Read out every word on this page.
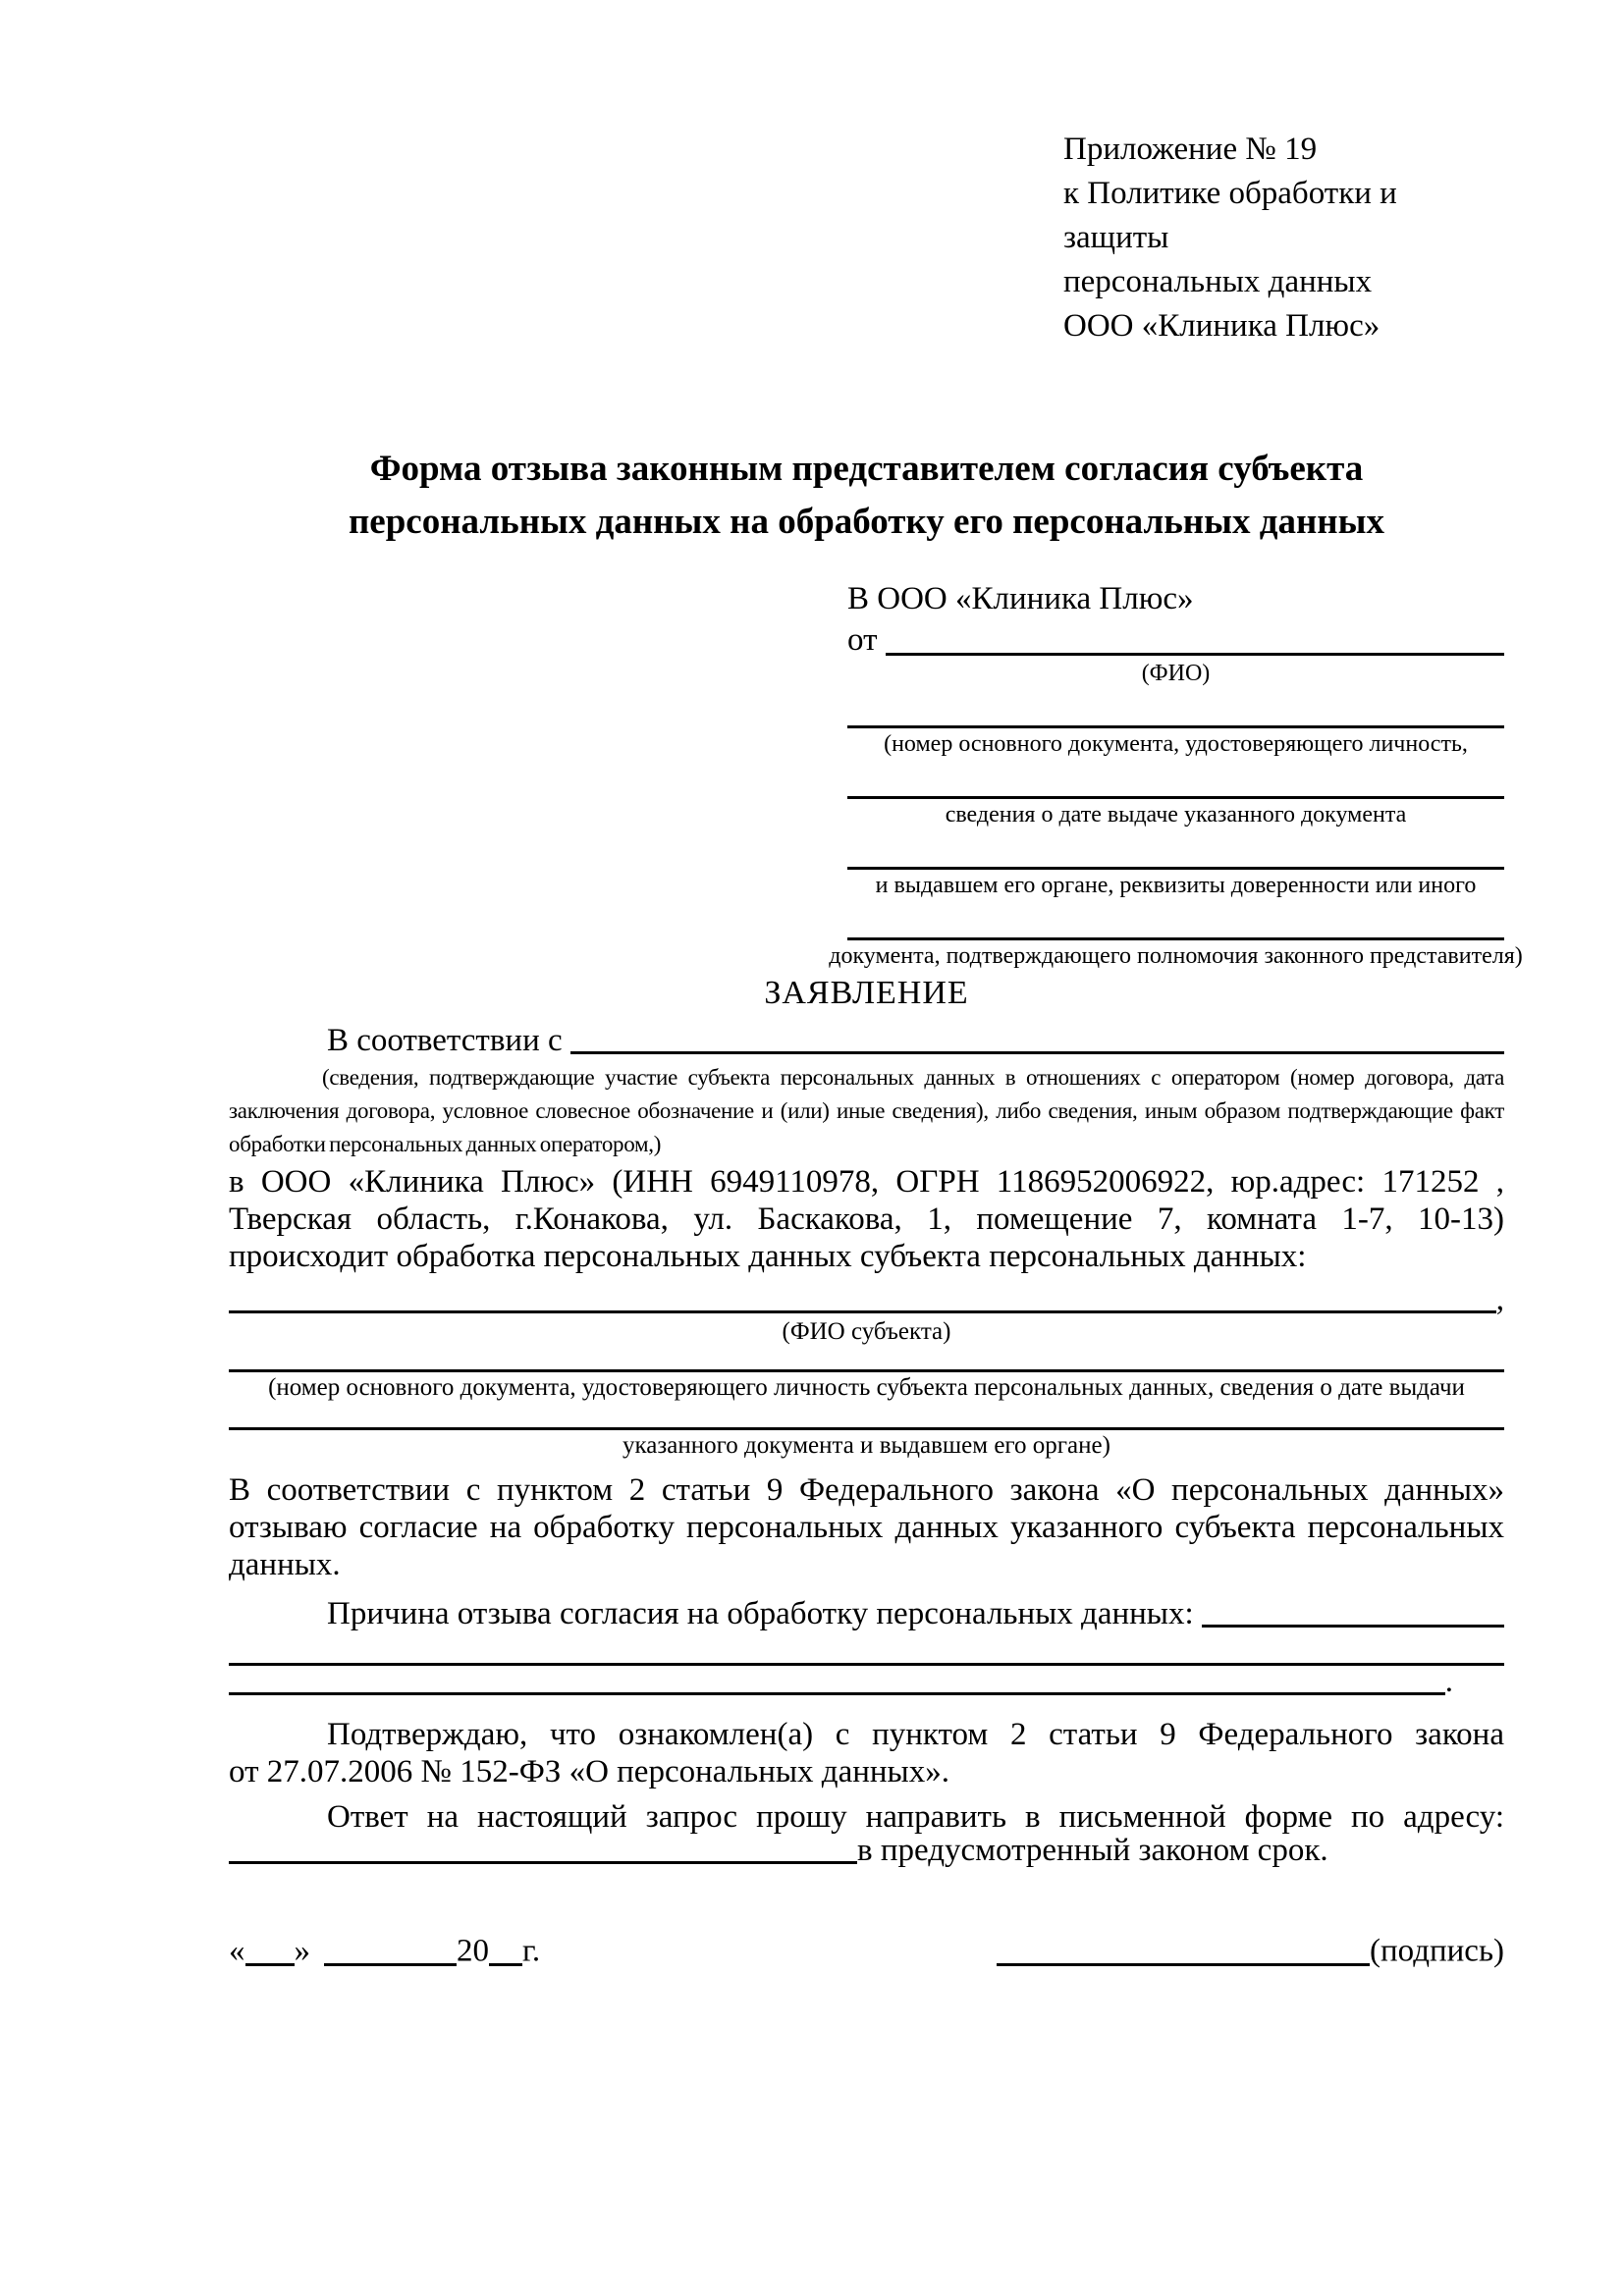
Приложение № 19
к Политике обработки и защиты
персональных данных
ООО «Клиника Плюс»
Форма отзыва законным представителем согласия субъекта персональных данных на обработку его персональных данных
В ООО «Клиника Плюс»
от
(ФИО)
(номер основного документа, удостоверяющего личность,
сведения о дате выдаче указанного документа
и выдавшем его органе, реквизиты доверенности или иного
документа, подтверждающего полномочия законного представителя)
ЗАЯВЛЕНИЕ
В соответствии с
(сведения, подтверждающие участие субъекта персональных данных в отношениях с оператором (номер договора, дата
заключения договора, условное словесное обозначение и (или) иные сведения), либо сведения, иным образом подтверждающие факт
обработки персональных данных оператором,)
в ООО «Клиника Плюс» (ИНН 6949110978, ОГРН 1186952006922, юр.адрес: 171252 ,
Тверская область, г.Конакова, ул. Баскакова, 1, помещение 7, комната 1-7, 10-13)
происходит обработка персональных данных субъекта персональных данных:
,
(ФИО субъекта)
(номер основного документа, удостоверяющего личность субъекта персональных данных, сведения о дате выдачи
указанного документа и выдавшем его органе)
В соответствии с пунктом 2 статьи 9 Федерального закона «О персональных данных»
отзываю согласие на обработку персональных данных указанного субъекта персональных
данных.
Причина отзыва согласия на обработку персональных данных:
.
Подтверждаю, что ознакомлен(а) с пунктом 2 статьи 9 Федерального закона
от 27.07.2006 № 152-ФЗ «О персональных данных».
Ответ на настоящий запрос прошу направить в письменной форме по адресу:
в предусмотренный законом срок.
« »	20 г.	(подпись)
